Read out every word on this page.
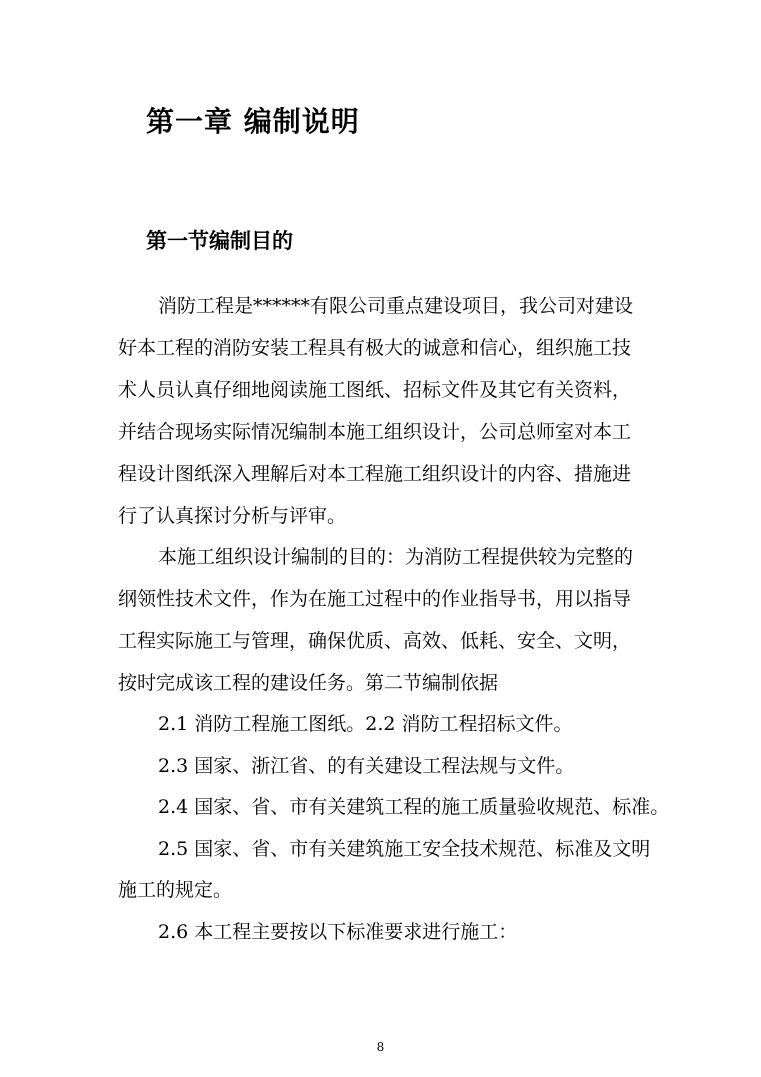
第一章 编制说明
第一节编制目的
消防工程是******有限公司重点建设项目，我公司对建设
好本工程的消防安装工程具有极大的诚意和信心，组织施工技
术人员认真仔细地阅读施工图纸、招标文件及其它有关资料，
并结合现场实际情况编制本施工组织设计，公司总师室对本工
程设计图纸深入理解后对本工程施工组织设计的内容、措施进
行了认真探讨分析与评审。
本施工组织设计编制的目的：为消防工程提供较为完整的
纲领性技术文件，作为在施工过程中的作业指导书，用以指导
工程实际施工与管理，确保优质、高效、低耗、安全、文明，
按时完成该工程的建设任务。第二节编制依据
2.1 消防工程施工图纸。2.2 消防工程招标文件。
2.3 国家、浙江省、的有关建设工程法规与文件。
2.4 国家、省、市有关建筑工程的施工质量验收规范、标准。
2.5 国家、省、市有关建筑施工安全技术规范、标准及文明
施工的规定。
2.6 本工程主要按以下标准要求进行施工：
8
